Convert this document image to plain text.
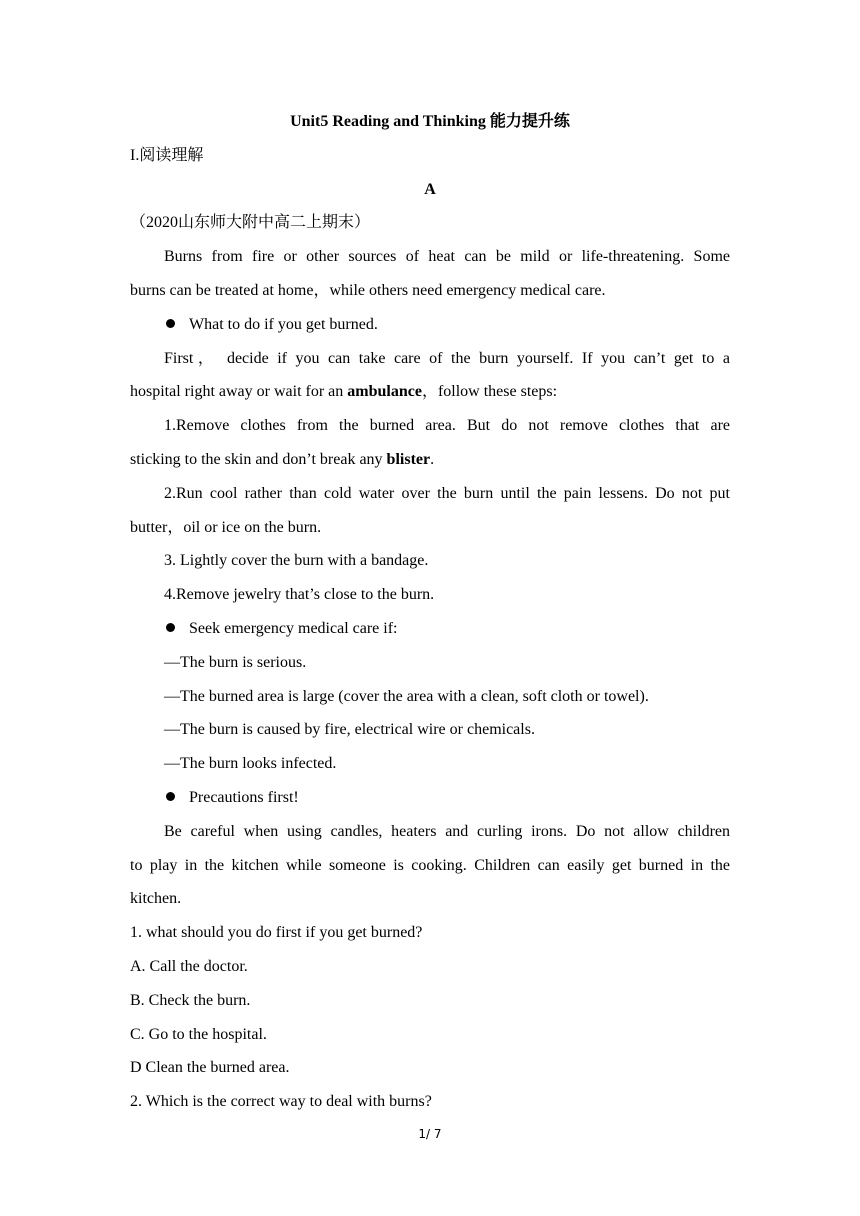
Unit5 Reading and Thinking 能力提升练
I.阅读理解
A
（2020山东师大附中高二上期末）
Burns from fire or other sources of heat can be mild or life-threatening. Some
burns can be treated at home，while others need emergency medical care.
What to do if you get burned.
First， decide if you can take care of the burn yourself. If you can’t get to a
hospital right away or wait for an ambulance，follow these steps:
1.Remove clothes from the burned area. But do not remove clothes that are
sticking to the skin and don’t break any blister.
2.Run cool rather than cold water over the burn until the pain lessens. Do not put
butter，oil or ice on the burn.
3. Lightly cover the burn with a bandage.
4.Remove jewelry that’s close to the burn.
Seek emergency medical care if:
—The burn is serious.
—The burned area is large (cover the area with a clean, soft cloth or towel).
—The burn is caused by fire, electrical wire or chemicals.
—The burn looks infected.
Precautions first!
Be careful when using candles, heaters and curling irons. Do not allow children
to play in the kitchen while someone is cooking. Children can easily get burned in the
kitchen.
1. what should you do first if you get burned?
A. Call the doctor.
B. Check the burn.
C. Go to the hospital.
D Clean the burned area.
2. Which is the correct way to deal with burns?
1/ 7
